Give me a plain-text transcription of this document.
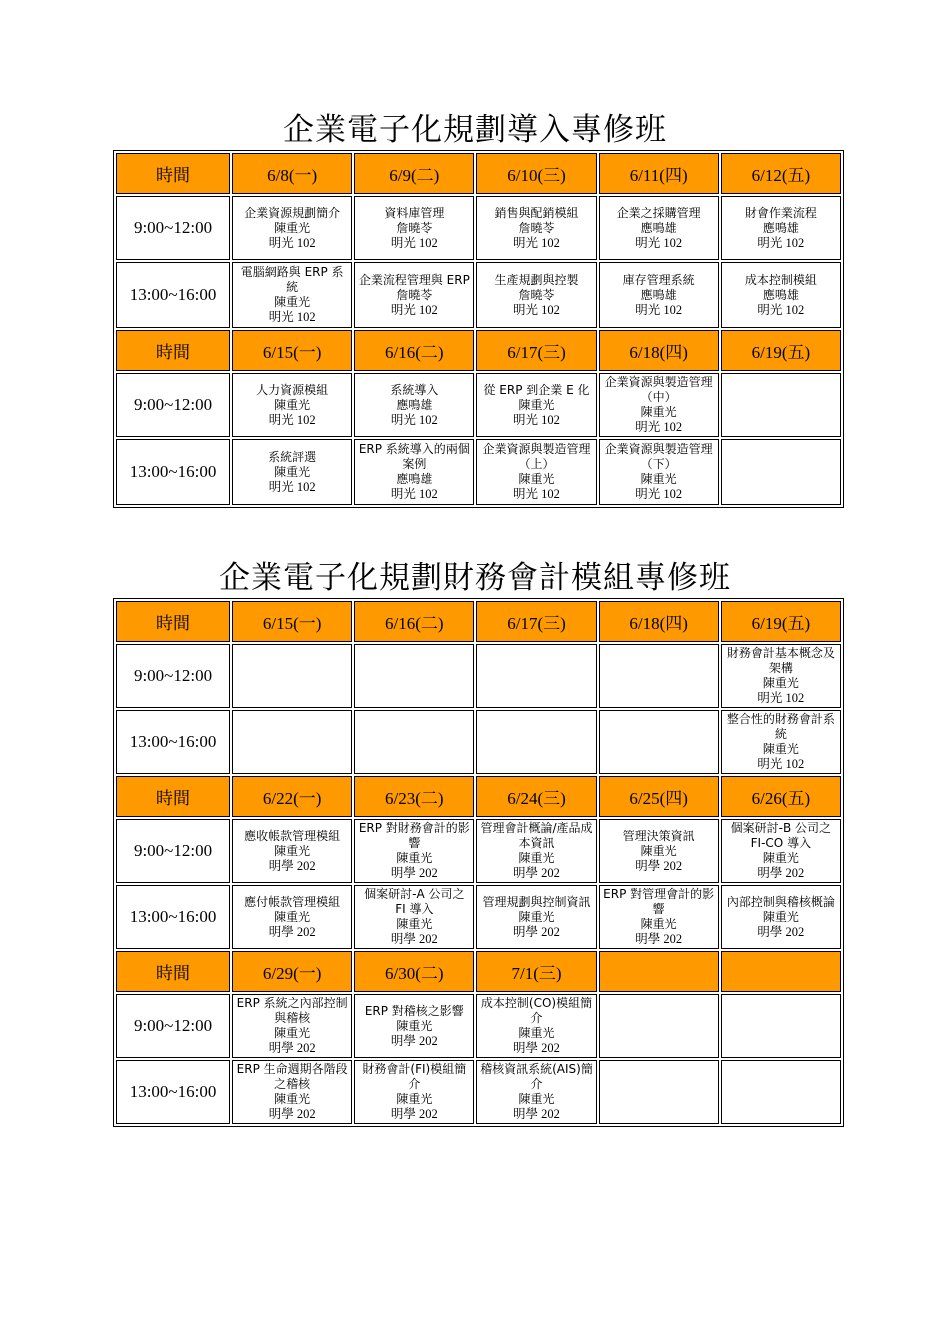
企業電子化規劃導入專修班
時間	6/8(一)	6/9(二)	6/10(三)	6/11(四)	6/12(五)
9:00~12:00	企業資源規劃簡介
陳重光
明光 102	資料庫管理
詹曉苓
明光 102	銷售與配銷模組
詹曉苓
明光 102	企業之採購管理
應鳴雄
明光 102	財會作業流程
應鳴雄
明光 102

13:00~16:00	電腦網路與 ERP 系統
陳重光
明光 102	企業流程管理與 ERP
詹曉苓
明光 102	生產規劃與控製
詹曉苓
明光 102	庫存管理系統
應鳴雄
明光 102	成本控制模組
應鳴雄
明光 102

時間	6/15(一)	6/16(二)	6/17(三)	6/18(四)	6/19(五)
9:00~12:00	人力資源模組
陳重光
明光 102	系統導入
應鳴雄
明光 102	從 ERP 到企業 E 化
陳重光
明光 102	企業資源與製造管理（中）
陳重光
明光 102	

13:00~16:00	系統評選
陳重光
明光 102	ERP 系統導入的兩個案例
應鳴雄
明光 102	企業資源與製造管理（上）
陳重光
明光 102	企業資源與製造管理（下）
陳重光
明光 102	

企業電子化規劃財務會計模組專修班
時間	6/15(一)	6/16(二)	6/17(三)	6/18(四)	6/19(五)
9:00~12:00					財務會計基本概念及架構
陳重光
明光 102

13:00~16:00					整合性的財務會計系統
陳重光
明光 102

時間	6/22(一)	6/23(二)	6/24(三)	6/25(四)	6/26(五)
9:00~12:00	應收帳款管理模組
陳重光
明學 202	ERP 對財務會計的影響
陳重光
明學 202	管理會計概論/產品成本資訊
陳重光
明學 202	管理決策資訊
陳重光
明學 202	個案研討-B 公司之 FI-CO 導入
陳重光
明學 202

13:00~16:00	應付帳款管理模組
陳重光
明學 202	個案研討-A 公司之 FI 導入
陳重光
明學 202	管理規劃與控制資訊
陳重光
明學 202	ERP 對管理會計的影響
陳重光
明學 202	內部控制與稽核概論
陳重光
明學 202

時間	6/29(一)	6/30(二)	7/1(三)		
9:00~12:00	ERP 系統之內部控制與稽核
陳重光
明學 202	ERP 對稽核之影響
陳重光
明學 202	成本控制(CO)模組簡介
陳重光
明學 202		

13:00~16:00	ERP 生命週期各階段之稽核
陳重光
明學 202	財務會計(FI)模組簡介
陳重光
明學 202	稽核資訊系統(AIS)簡介
陳重光
明學 202		
